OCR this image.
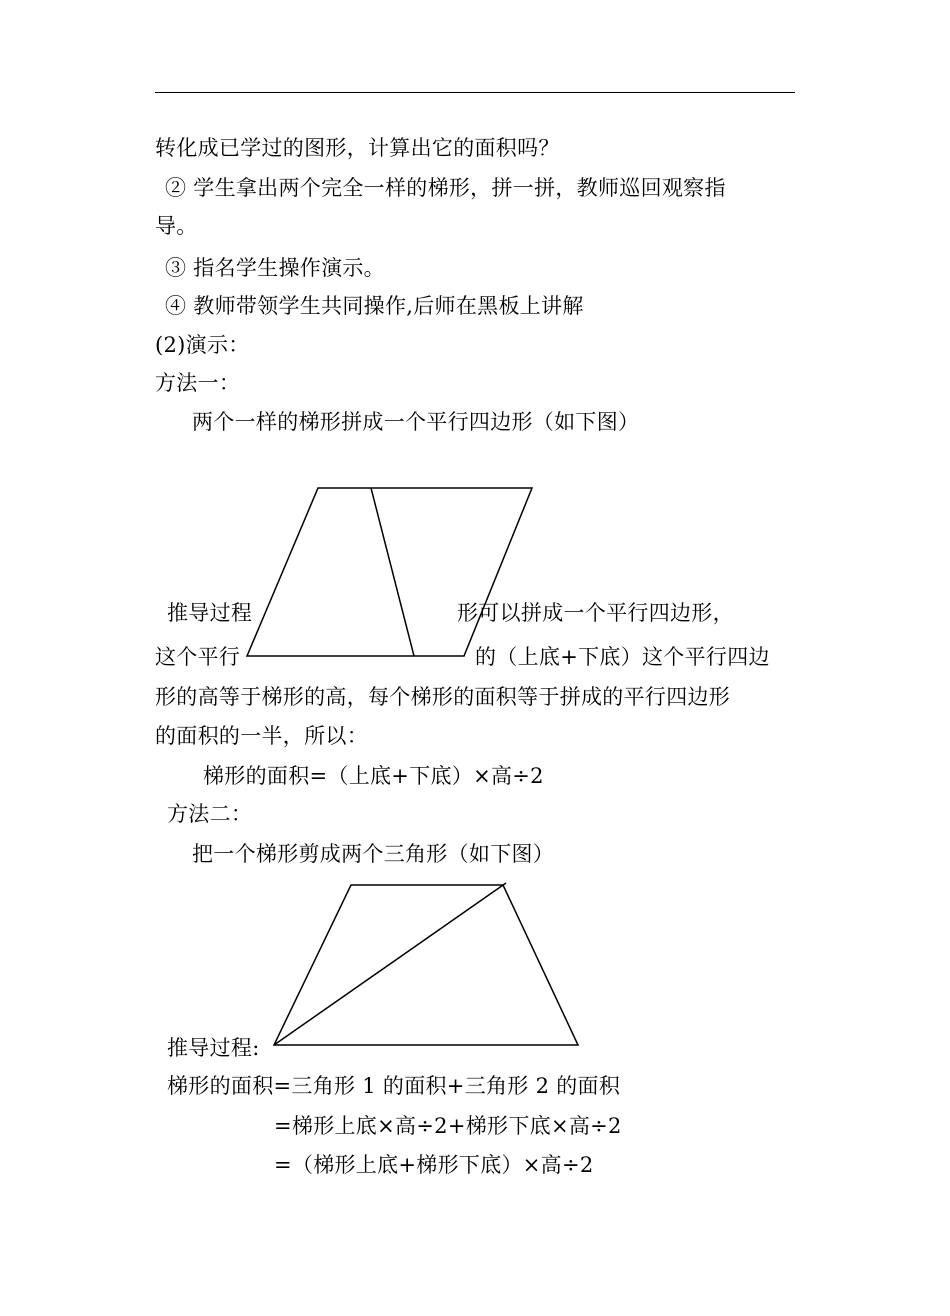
转化成已学过的图形，计算出它的面积吗？
② 学生拿出两个完全一样的梯形，拼一拼，教师巡回观察指
导。
③ 指名学生操作演示。
④ 教师带领学生共同操作,后师在黑板上讲解
(2)演示：
方法一：
两个一样的梯形拼成一个平行四边形（如下图）
推导过程	形可以拼成一个平行四边形，
这个平行	的（上底+下底）这个平行四边
形的高等于梯形的高，每个梯形的面积等于拼成的平行四边形
的面积的一半，所以：
梯形的面积=（上底+下底）×高÷2
方法二：
把一个梯形剪成两个三角形（如下图）
推导过程:
梯形的面积=三角形 1 的面积+三角形 2 的面积
=梯形上底×高÷2+梯形下底×高÷2
=（梯形上底+梯形下底）×高÷2
